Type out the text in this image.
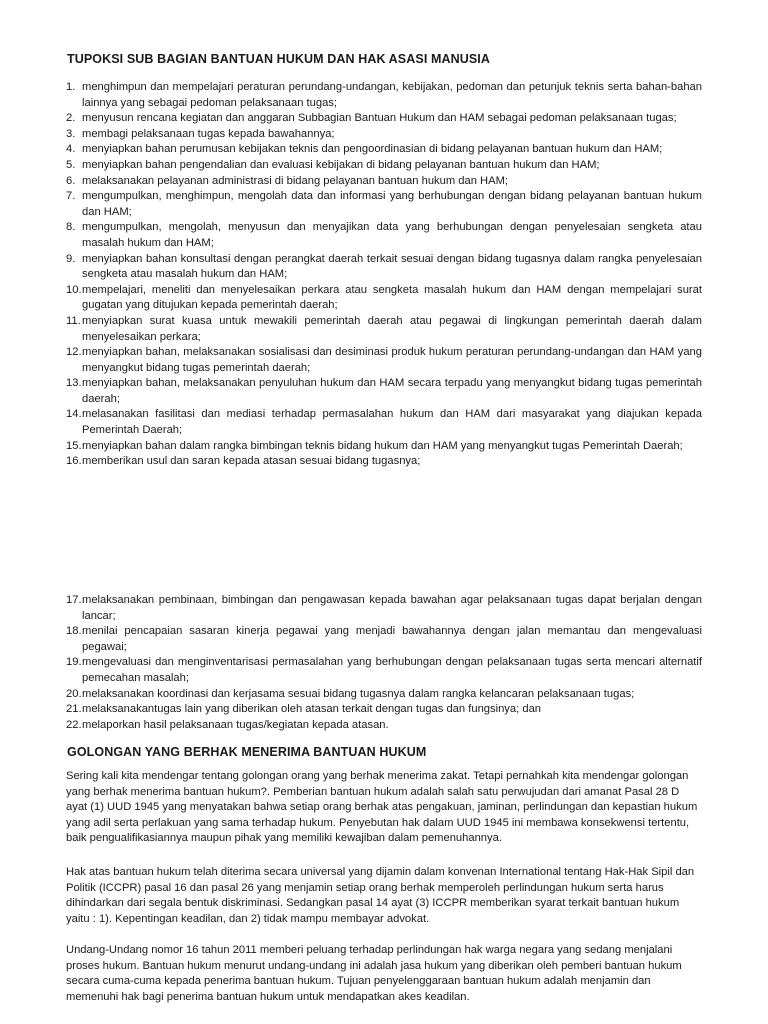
TUPOKSI SUB BAGIAN BANTUAN HUKUM DAN HAK ASASI MANUSIA
1. menghimpun dan mempelajari peraturan perundang-undangan, kebijakan, pedoman dan petunjuk teknis serta bahan-bahan lainnya yang sebagai pedoman pelaksanaan tugas;
2. menyusun rencana kegiatan dan anggaran Subbagian Bantuan Hukum dan HAM sebagai pedoman pelaksanaan tugas;
3. membagi pelaksanaan tugas kepada bawahannya;
4. menyiapkan bahan perumusan kebijakan teknis dan pengoordinasian di bidang pelayanan bantuan hukum dan HAM;
5. menyiapkan bahan pengendalian dan evaluasi kebijakan di bidang pelayanan bantuan hukum dan HAM;
6. melaksanakan pelayanan administrasi di bidang pelayanan bantuan hukum dan HAM;
7. mengumpulkan, menghimpun, mengolah data dan informasi yang berhubungan dengan bidang pelayanan bantuan hukum dan HAM;
8. mengumpulkan, mengolah, menyusun dan menyajikan data yang berhubungan dengan penyelesaian sengketa atau masalah hukum dan HAM;
9. menyiapkan bahan konsultasi dengan perangkat daerah terkait sesuai dengan bidang tugasnya dalam rangka penyelesaian sengketa atau masalah hukum dan HAM;
10. mempelajari, meneliti dan menyelesaikan perkara atau sengketa masalah hukum dan HAM dengan mempelajari surat gugatan yang ditujukan kepada pemerintah daerah;
11. menyiapkan surat kuasa untuk mewakili pemerintah daerah atau pegawai di lingkungan pemerintah daerah dalam menyelesaikan perkara;
12. menyiapkan bahan, melaksanakan sosialisasi dan desiminasi produk hukum peraturan perundang-undangan dan HAM yang menyangkut bidang tugas pemerintah daerah;
13. menyiapkan bahan, melaksanakan penyuluhan hukum dan HAM secara terpadu yang menyangkut bidang tugas pemerintah daerah;
14. melasanakan fasilitasi dan mediasi terhadap permasalahan hukum dan HAM dari masyarakat yang diajukan kepada Pemerintah Daerah;
15. menyiapkan bahan dalam rangka bimbingan teknis bidang hukum dan HAM yang menyangkut tugas Pemerintah Daerah;
16. memberikan usul dan saran kepada atasan sesuai bidang tugasnya;
17. melaksanakan pembinaan, bimbingan dan pengawasan kepada bawahan agar pelaksanaan tugas dapat berjalan dengan lancar;
18. menilai pencapaian sasaran kinerja pegawai yang menjadi bawahannya dengan jalan memantau dan mengevaluasi pegawai;
19. mengevaluasi dan menginventarisasi permasalahan yang berhubungan dengan pelaksanaan tugas serta mencari alternatif pemecahan masalah;
20. melaksanakan koordinasi dan kerjasama sesuai bidang tugasnya dalam rangka kelancaran pelaksanaan tugas;
21. melaksanakantugas lain yang diberikan oleh atasan terkait dengan tugas dan fungsinya; dan
22. melaporkan hasil pelaksanaan tugas/kegiatan kepada atasan.
GOLONGAN YANG BERHAK MENERIMA BANTUAN HUKUM

Sering kali kita mendengar tentang golongan orang yang berhak menerima zakat. Tetapi pernahkah kita mendengar golongan yang berhak menerima bantuan hukum?. Pemberian bantuan hukum adalah salah satu perwujudan dari amanat Pasal 28 D ayat (1) UUD 1945 yang menyatakan bahwa setiap orang berhak atas pengakuan, jaminan, perlindungan dan kepastian hukum yang adil serta perlakuan yang sama terhadap hukum. Penyebutan hak dalam UUD 1945 ini membawa konsekwensi tertentu, baik pengualifikasiannya maupun pihak yang memiliki kewajiban dalam pemenuhannya.

Hak atas bantuan hukum telah diterima secara universal yang dijamin dalam konvenan International tentang Hak-Hak Sipil dan Politik (ICCPR) pasal 16 dan pasal 26 yang menjamin setiap orang berhak memperoleh perlindungan hukum serta harus dihindarkan dari segala bentuk diskriminasi. Sedangkan pasal 14 ayat (3) ICCPR memberikan syarat terkait bantuan hukum yaitu : 1). Kepentingan keadilan, dan 2) tidak mampu membayar advokat.

Undang-Undang nomor 16 tahun 2011 memberi peluang terhadap perlindungan hak warga negara yang sedang menjalani proses hukum. Bantuan hukum menurut undang-undang ini adalah jasa hukum yang diberikan oleh pemberi bantuan hukum secara cuma-cuma kepada penerima bantuan hukum. Tujuan penyelenggaraan bantuan hukum adalah menjamin dan memenuhi hak bagi penerima bantuan hukum untuk mendapatkan akes keadilan.
